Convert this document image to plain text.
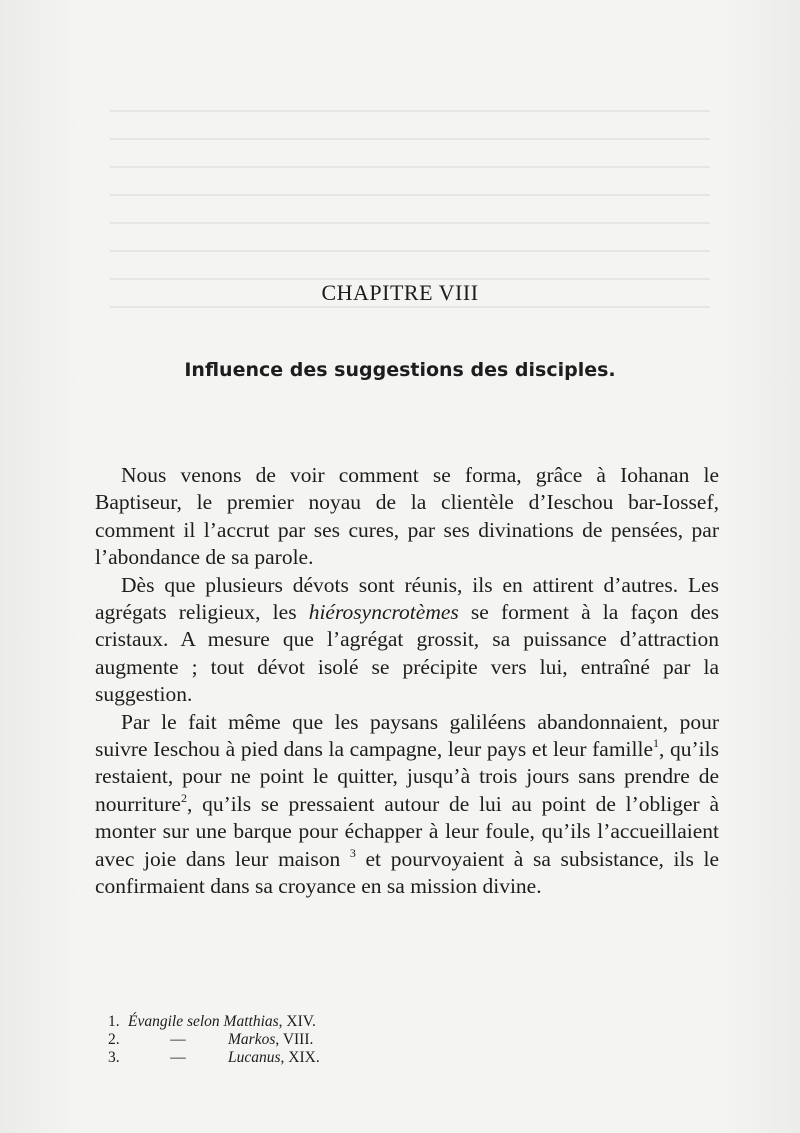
CHAPITRE VIII
Influence des suggestions des disciples.

Nous venons de voir comment se forma, grâce à Iohanan le Baptiseur, le premier noyau de la clientèle d’Ieschou bar-Iossef, comment il l’accrut par ses cures, par ses divinations de pensées, par l’abondance de sa parole.

Dès que plusieurs dévots sont réunis, ils en attirent d’autres. Les agrégats religieux, les hiérosyncrotèmes se forment à la façon des cristaux. A mesure que l’agrégat grossit, sa puissance d’attraction augmente ; tout dévot isolé se précipite vers lui, entraîné par la suggestion.

Par le fait même que les paysans galiléens abandonnaient, pour suivre Ieschou à pied dans la campagne, leur pays et leur famille$^1$, qu’ils restaient, pour ne point le quitter, jusqu’à trois jours sans prendre de nourriture$^2$, qu’ils se pressaient autour de lui au point de l’obliger à monter sur une barque pour échapper à leur foule, qu’ils l’accueillaient avec joie dans leur maison $^3$ et pourvoyaient à sa subsistance, ils le confirmaient dans sa croyance en sa mission divine.

1. Évangile selon Matthias, XIV.
2.	—	Markos, VIII.
3.	—	Lucanus, XIX.
